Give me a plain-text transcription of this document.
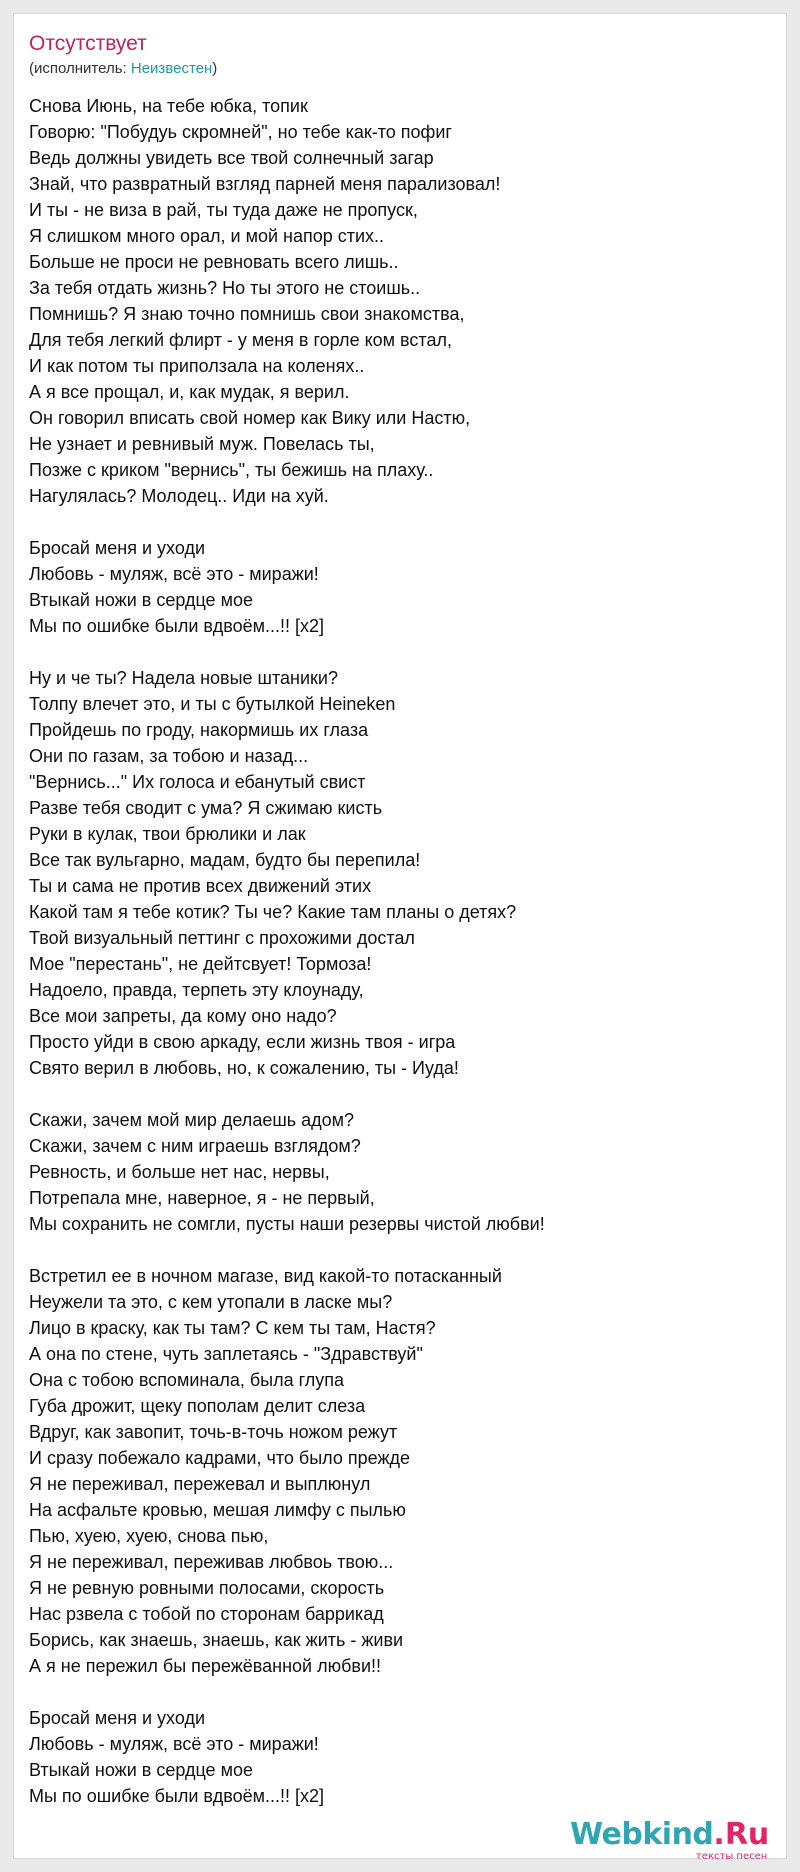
Отсутствует
(исполнитель: Неизвестен)
Снова Июнь, на тебе юбка, топик
Говорю: "Побудуь скромней", но тебе как-то пофиг
Ведь должны увидеть все твой солнечный загар
Знай, что развратный взгляд парней меня парализовал!
И ты - не виза в рай, ты туда даже не пропуск,
Я слишком много орал, и мой напор стих..
Больше не проси не ревновать всего лишь..
За тебя отдать жизнь? Но ты этого не стоишь..
Помнишь? Я знаю точно помнишь свои знакомства,
Для тебя легкий флирт - у меня в горле ком встал,
И как потом ты приползала на коленях..
А я все прощал, и, как мудак, я верил.
Он говорил вписать свой номер как Вику или Настю,
Не узнает и ревнивый муж. Повелась ты,
Позже с криком "вернись", ты бежишь на плаху..
Нагулялась? Молодец.. Иди на хуй.
Бросай меня и уходи
Любовь - муляж, всё это - миражи!
Втыкай ножи в сердце мое
Мы по ошибке были вдвоём...!! [x2]
Ну и че ты? Надела новые штаники?
Толпу влечет это, и ты с бутылкой Heineken
Пройдешь по гроду, накормишь их глаза
Они по газам, за тобою и назад...
"Вернись..." Их голоса и ебанутый свист
Разве тебя сводит с ума? Я сжимаю кисть
Руки в кулак, твои брюлики и лак
Все так вульгарно, мадам, будто бы перепила!
Ты и сама не против всех движений этих
Какой там я тебе котик? Ты че? Какие там планы о детях?
Твой визуальный петтинг с прохожими достал
Мое "перестань", не дейтсвует! Тормоза!
Надоело, правда, терпеть эту клоунаду,
Все мои запреты, да кому оно надо?
Просто уйди в свою аркаду, если жизнь твоя - игра
Свято верил в любовь, но, к сожалению, ты - Иуда!
Скажи, зачем мой мир делаешь адом?
Скажи, зачем с ним играешь взглядом?
Ревность, и больше нет нас, нервы,
Потрепала мне, наверное, я - не первый,
Мы сохранить не сомгли, пусты наши резервы чистой любви!
Встретил ее в ночном магазе, вид какой-то потасканный
Неужели та это, с кем утопали в ласке мы?
Лицо в краску, как ты там? С кем ты там, Настя?
А она по стене, чуть заплетаясь - "Здравствуй"
Она с тобою вспоминала, была глупа
Губа дрожит, щеку пополам делит слеза
Вдруг, как завопит, точь-в-точь ножом режут
И сразу побежало кадрами, что было прежде
Я не переживал, пережевал и выплюнул
На асфальте кровью, мешая лимфу с пылью
Пью, хуею, хуею, снова пью,
Я не переживал, переживав любвоь твою...
Я не ревную ровными полосами, скорость
Нас рзвела с тобой по сторонам баррикад
Борись, как знаешь, знаешь, как жить - живи
А я не пережил бы пережёванной любви!!
Бросай меня и уходи
Любовь - муляж, всё это - миражи!
Втыкай ножи в сердце мое
Мы по ошибке были вдвоём...!! [x2]
Webkind.Ru
тексты песен
